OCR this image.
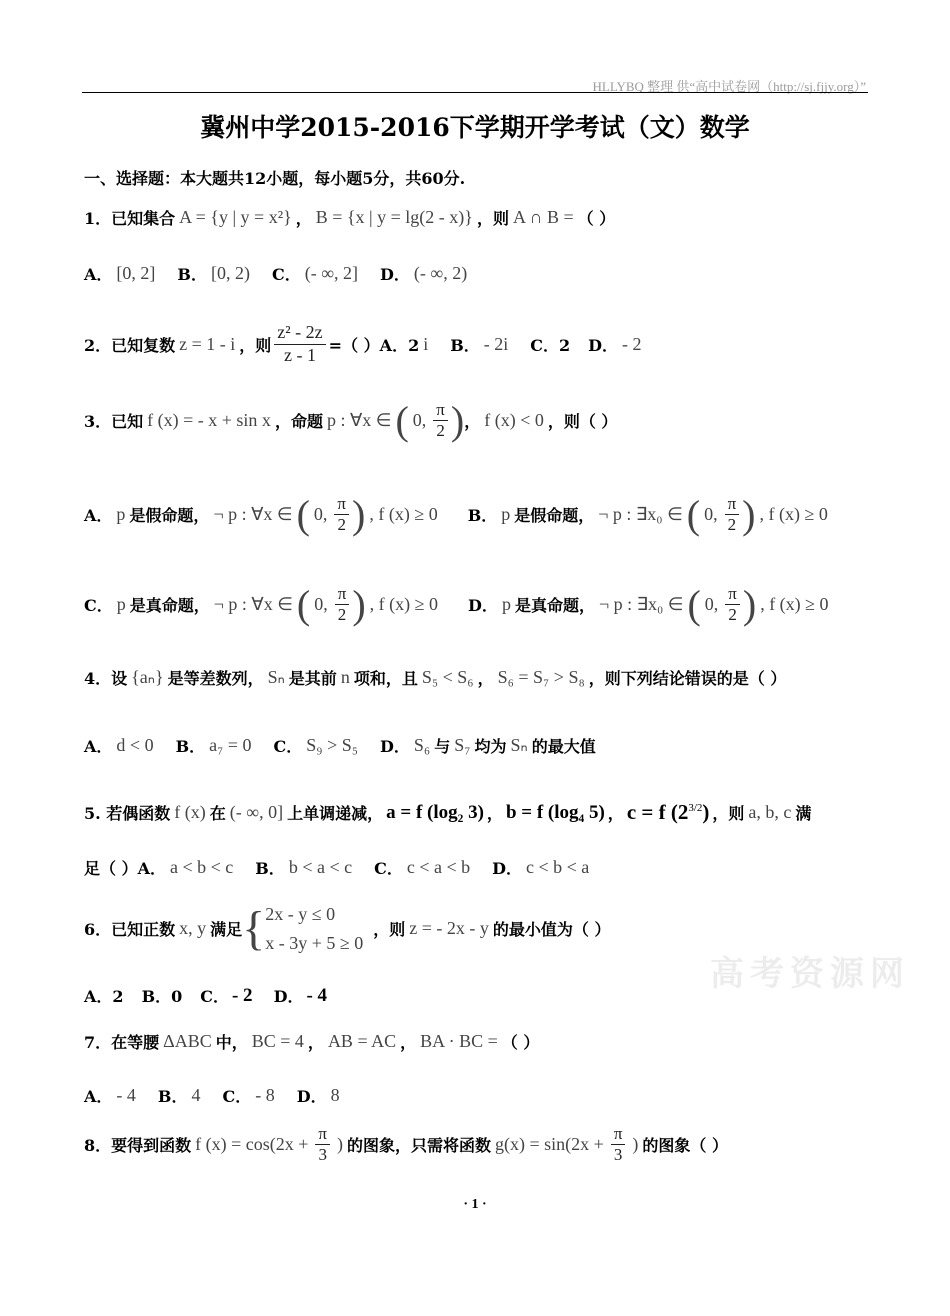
HLLYBQ 整理 供“高中试卷网（http://sj.fjjy.org）”
冀州中学2015-2016下学期开学考试（文）数学
一、选择题：本大题共12小题，每小题5分，共60分.
1．已知集合 A = {y | y = x²} ， B = {x | y = lg(2 - x)} ，则 A ∩ B = （ ）
A． [0, 2] B． [0, 2) C． (- ∞, 2] D． (- ∞, 2)
2．已知复数 z = 1 - i ，则 $\frac{\text{z² - 2z}}{z - 1}$ =（ ） A．2 i B． - 2i C．2 D． - 2
3．已知 f (x) = - x + sin x ，命题 p : ∀x ∈ ( 0, $\frac{\pi}{2}$ ) ， f (x) < 0 ，则（ ）
A． p 是假命题， ¬ p : ∀x ∈ ( 0, $\frac{\pi}{2}$ ) , f (x) ≥ 0 B． p 是假命题， ¬ p : ∃x₀ ∈ ( 0, $\frac{\pi}{2}$ ) , f (x) ≥ 0
C． p 是真命题， ¬ p : ∀x ∈ ( 0, $\frac{\pi}{2}$ ) , f (x) ≥ 0 D． p 是真命题， ¬ p : ∃x₀ ∈ ( 0, $\frac{\pi}{2}$ ) , f (x) ≥ 0
4．设 {aₙ} 是等差数列， Sₙ 是其前 n 项和，且 S₅ < S₆ ， S₆ = S₇ > S₈ ，则下列结论错误的是（ ）
A． d < 0 B． a₇ = 0 C． S₉ > S₅ D． S₆ 与 S₇ 均为 Sₙ 的最大值
5. 若偶函数 f (x) 在 (- ∞, 0] 上单调递减， a = f (log₂ 3) ， b = f (log₄ 5) ， c = f $(2^{3/2})$ ，则 a, b, c 满
足（ ）A． a < b < c B． b < a < c C． c < a < b D． c < b < a
6．已知正数 x, y 满足 { 2x - y ≤ 0
x - 3y + 5 ≥ 0
，则 z = - 2x - y 的最小值为（ ）
A．2 B．0 C． - 2 D． - 4
7．在等腰 ΔABC 中， BC = 4 ， AB = AC ， BA · BC = （ ）
A． - 4 B． 4 C． - 8 D． 8
8．要得到函数 f $(x) = \cos(2x + \frac{\pi}{3}$ ) 的图象，只需将函数 $g(x) = \sin(2x + \frac{\pi}{3}$ ) 的图象（ ）
高考资源网
· 1 ·
